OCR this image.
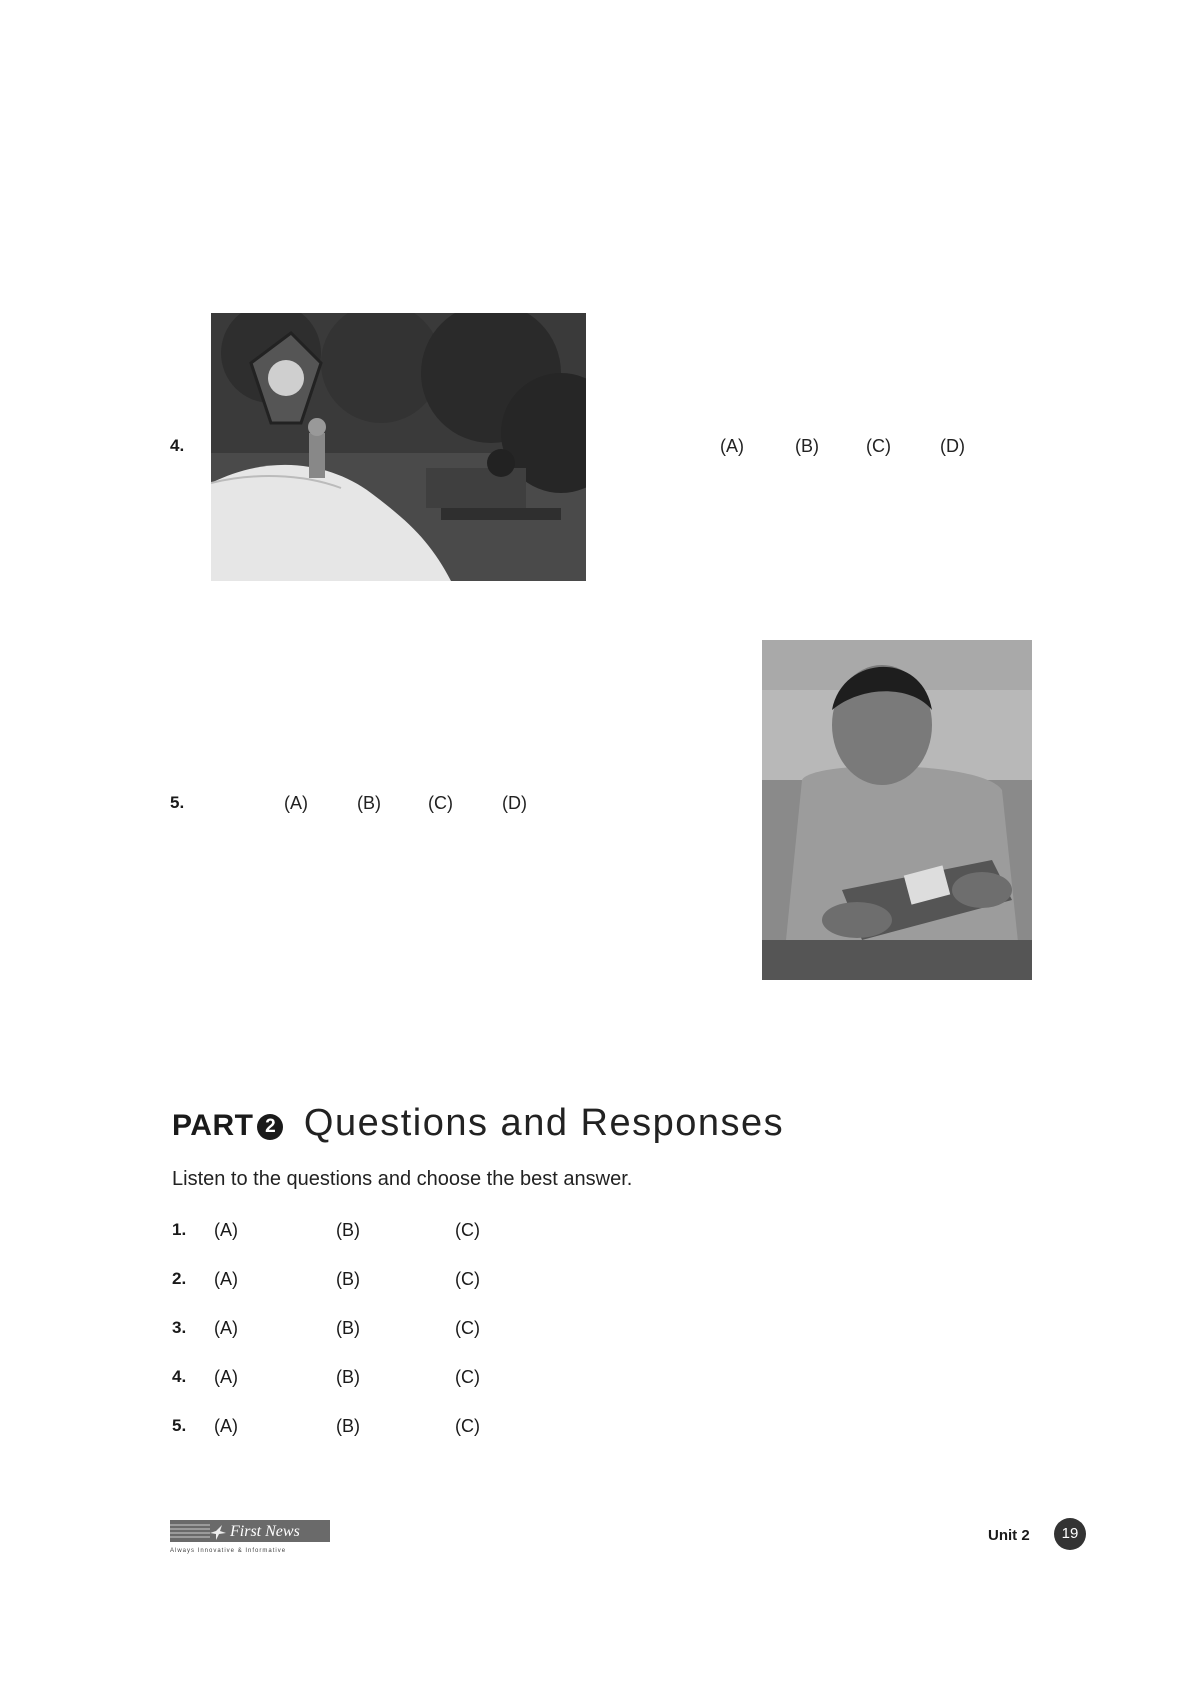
4.	(A)	(B)	(C)	(D)
5.	(A)	(B)	(C)	(D)
PART 2 Questions and Responses
Listen to the questions and choose the best answer.
1. (A)	(B)	(C)
2. (A)	(B)	(C)
3. (A)	(B)	(C)
4. (A)	(B)	(C)
5. (A)	(B)	(C)
First News
Always Innovative & Informative
Unit 2	19
